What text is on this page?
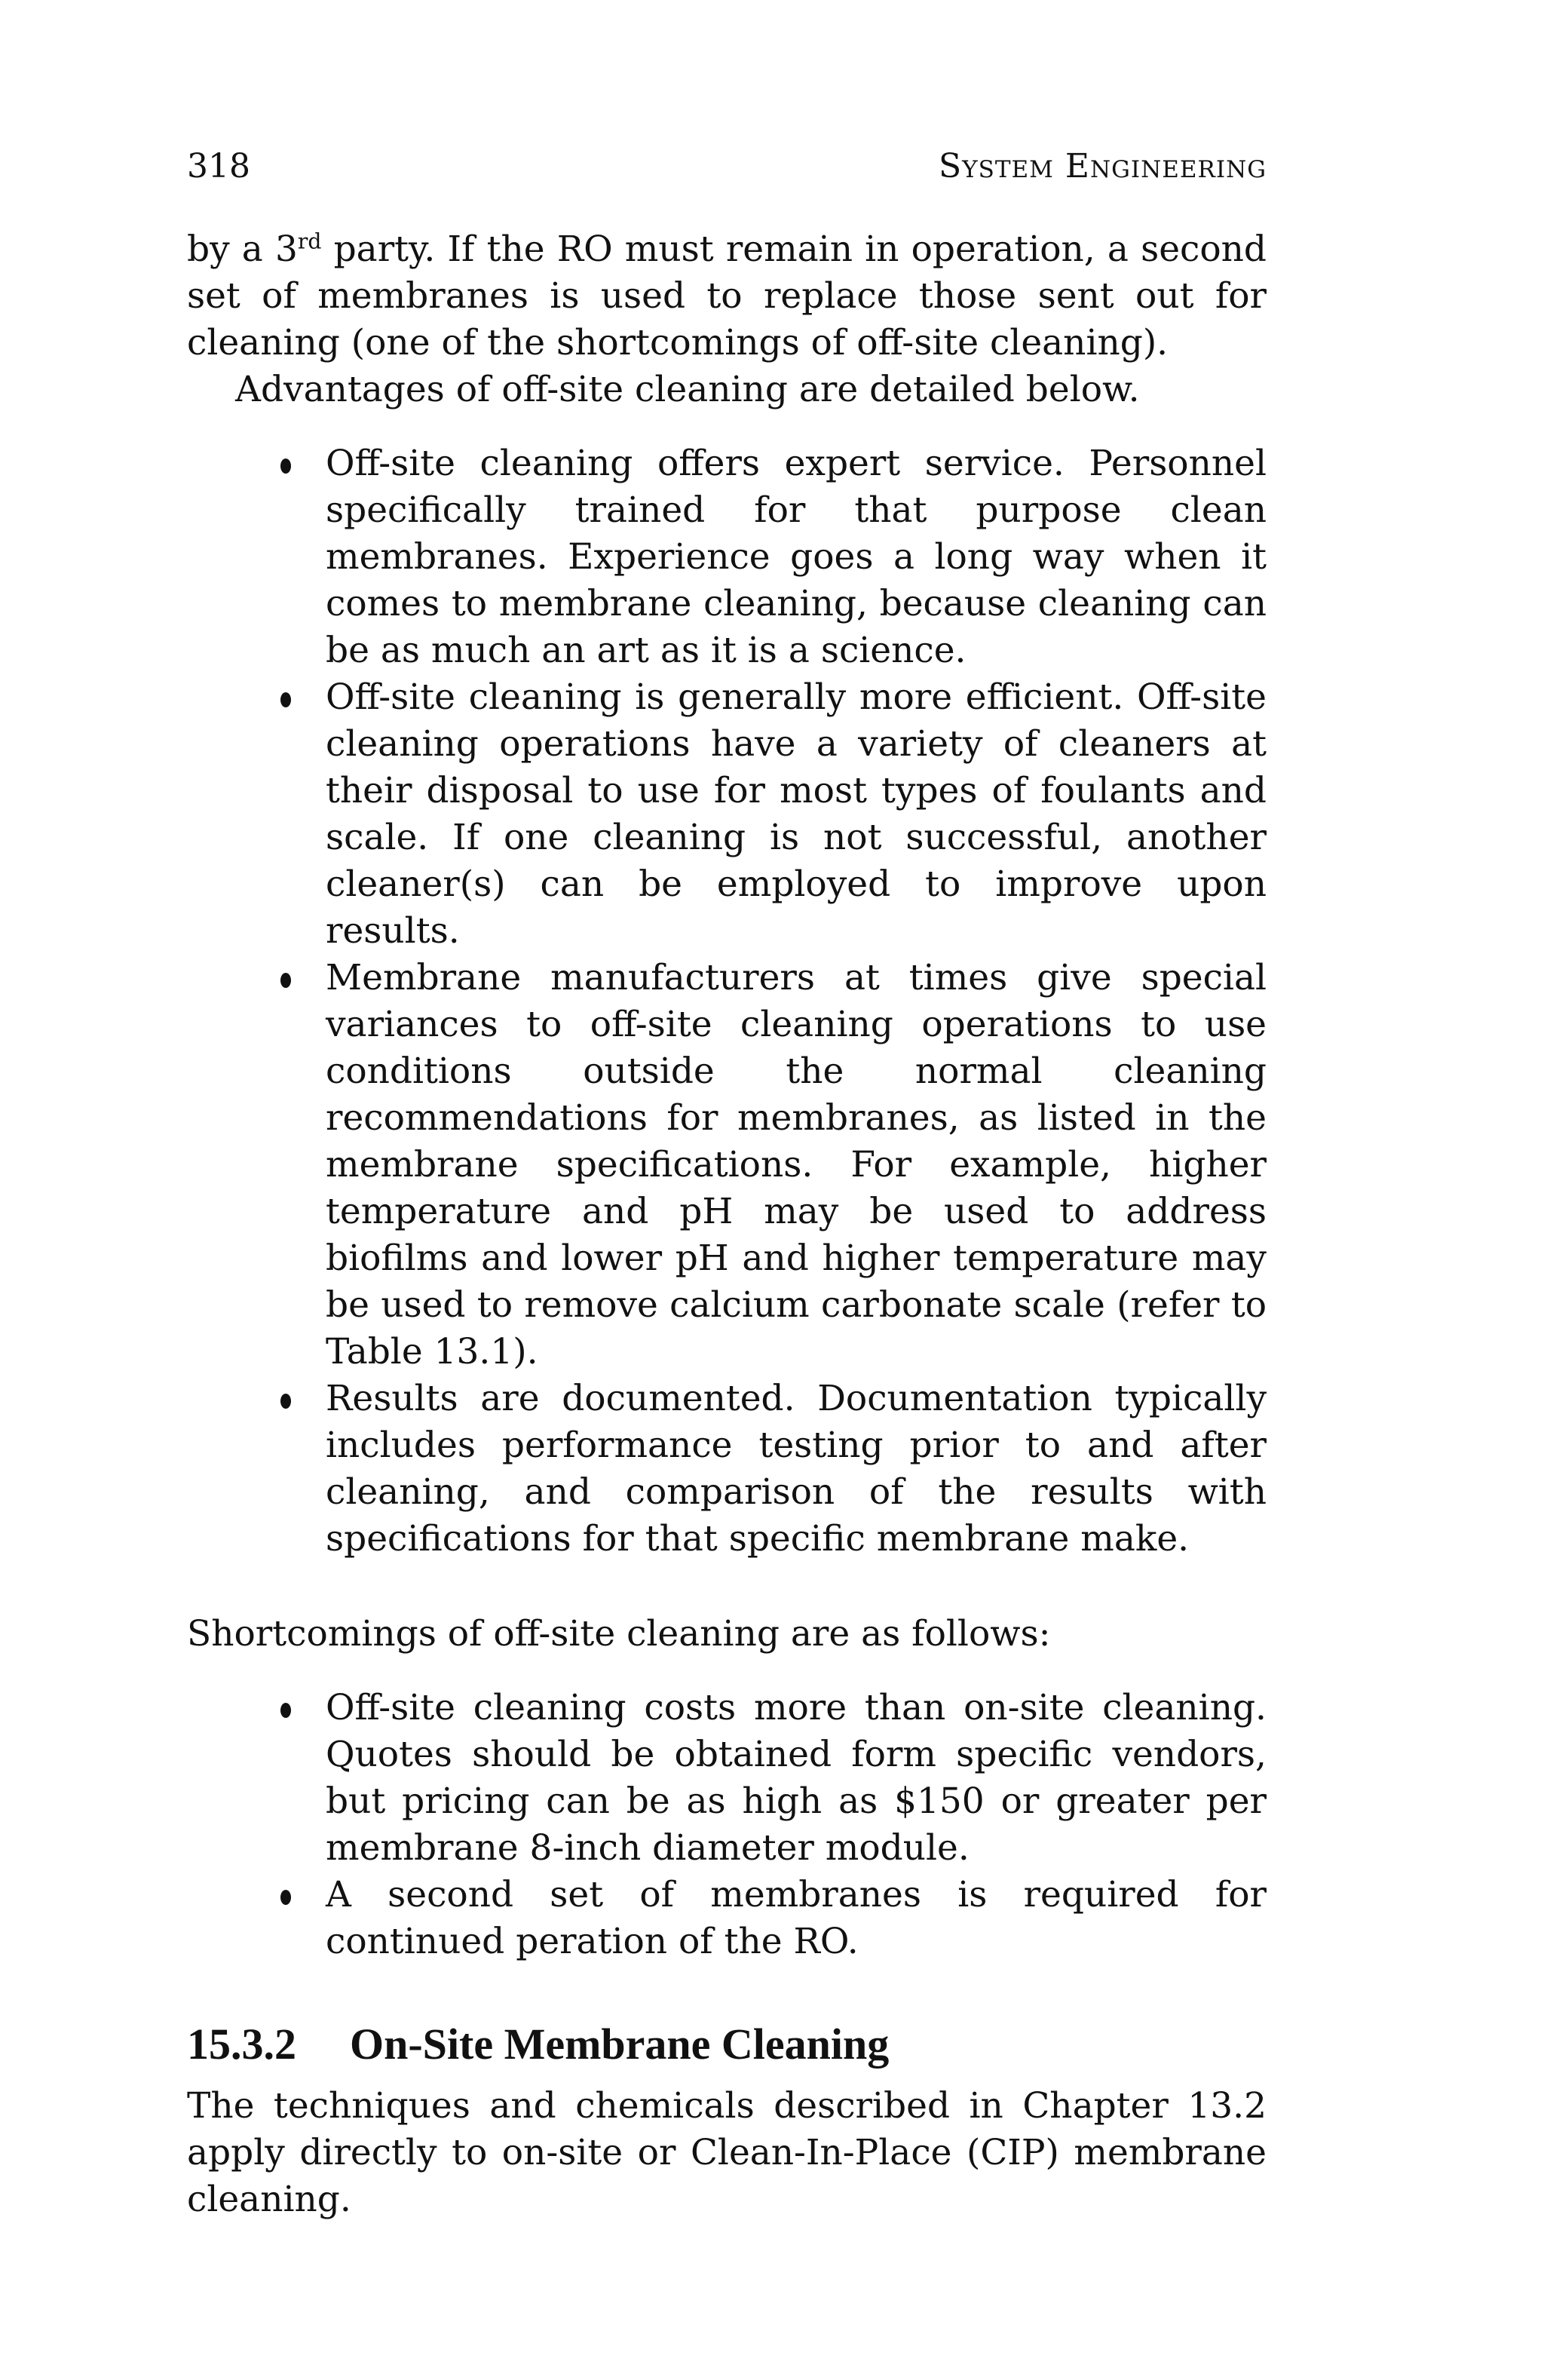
318	System Engineering

by a 3rd party. If the RO must remain in operation, a second set of membranes is used to replace those sent out for cleaning (one of the shortcomings of off-site cleaning).

Advantages of off-site cleaning are detailed below.

Off-site cleaning offers expert service. Personnel specifically trained for that purpose clean membranes. Experience goes a long way when it comes to membrane cleaning, because cleaning can be as much an art as it is a science.
Off-site cleaning is generally more efficient. Off-site cleaning operations have a variety of cleaners at their disposal to use for most types of foulants and scale. If one cleaning is not successful, another cleaner(s) can be employed to improve upon results.
Membrane manufacturers at times give special variances to off-site cleaning operations to use conditions outside the normal cleaning recommendations for membranes, as listed in the membrane specifications. For example, higher temperature and pH may be used to address biofilms and lower pH and higher temperature may be used to remove calcium carbonate scale (refer to Table 13.1).
Results are documented. Documentation typically includes performance testing prior to and after cleaning, and comparison of the results with specifications for that specific membrane make.

Shortcomings of off-site cleaning are as follows:

Off-site cleaning costs more than on-site cleaning. Quotes should be obtained form specific vendors, but pricing can be as high as $150 or greater per membrane 8-inch diameter module.
A second set of membranes is required for continued peration of the RO.
15.3.2	On-Site Membrane Cleaning

The techniques and chemicals described in Chapter 13.2 apply directly to on-site or Clean-In-Place (CIP) membrane cleaning.
